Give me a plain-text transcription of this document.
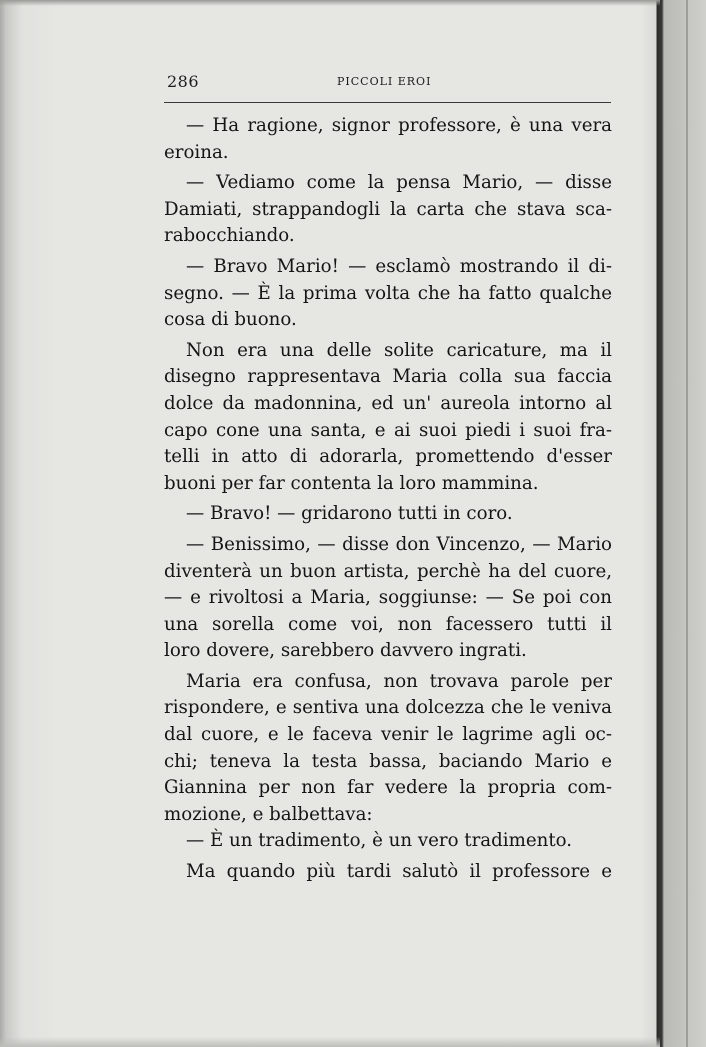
286	PICCOLI EROI
— Ha ragione, signor professore, è una vera
eroina.
— Vediamo come la pensa Mario, — disse
Damiati, strappandogli la carta che stava sca-
rabocchiando.
— Bravo Mario! — esclamò mostrando il di-
segno. — È la prima volta che ha fatto qualche
cosa di buono.
Non era una delle solite caricature, ma il
disegno rappresentava Maria colla sua faccia
dolce da madonnina, ed un' aureola intorno al
capo cone una santa, e ai suoi piedi i suoi fra-
telli in atto di adorarla, promettendo d'esser
buoni per far contenta la loro mammina.
— Bravo! — gridarono tutti in coro.
— Benissimo, — disse don Vincenzo, — Mario
diventerà un buon artista, perchè ha del cuore,
— e rivoltosi a Maria, soggiunse: — Se poi con
una sorella come voi, non facessero tutti il
loro dovere, sarebbero davvero ingrati.
Maria era confusa, non trovava parole per
rispondere, e sentiva una dolcezza che le veniva
dal cuore, e le faceva venir le lagrime agli oc-
chi; teneva la testa bassa, baciando Mario e
Giannina per non far vedere la propria com-
mozione, e balbettava:
— È un tradimento, è un vero tradimento.
Ma quando più tardi salutò il professore e
